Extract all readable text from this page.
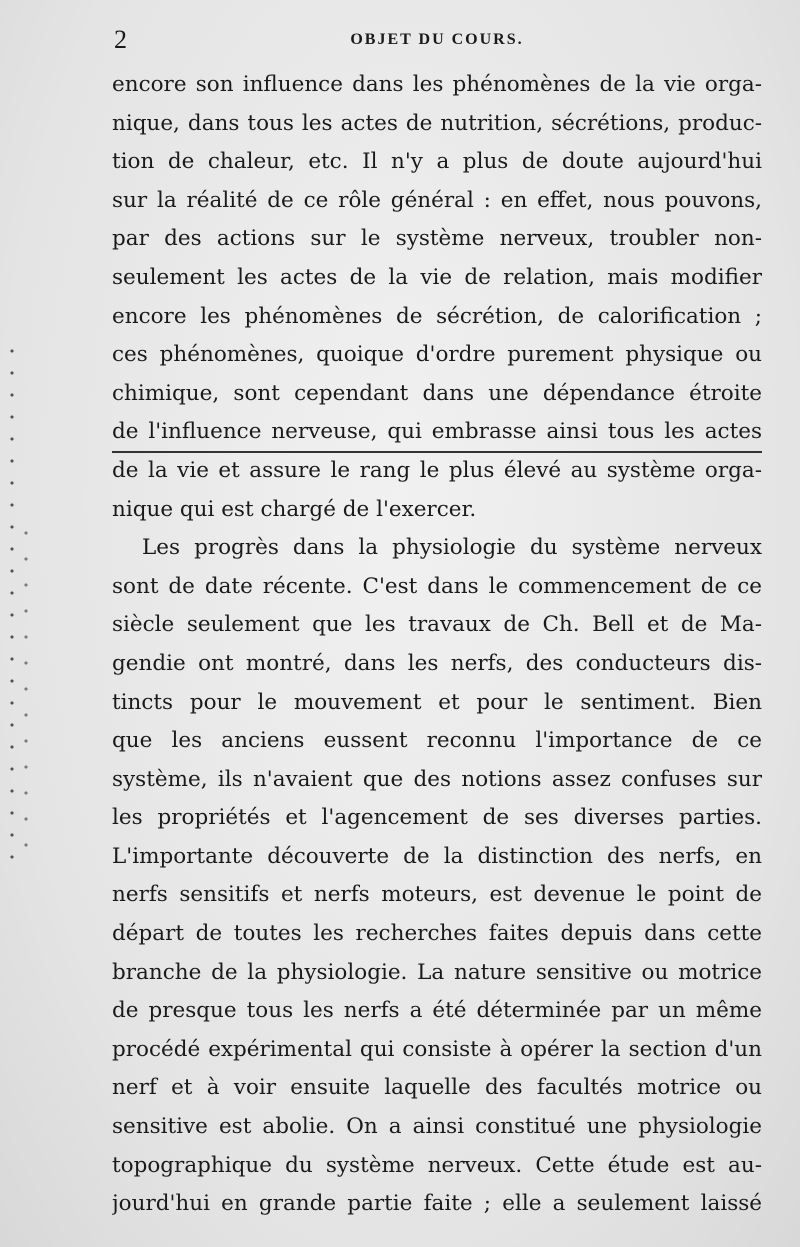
2	OBJET DU COURS.
encore son influence dans les phénomènes de la vie orga-
nique, dans tous les actes de nutrition, sécrétions, produc-
tion de chaleur, etc. Il n'y a plus de doute aujourd'hui
sur la réalité de ce rôle général : en effet, nous pouvons,
par des actions sur le système nerveux, troubler non-
seulement les actes de la vie de relation, mais modifier
encore les phénomènes de sécrétion, de calorification ;
ces phénomènes, quoique d'ordre purement physique ou
chimique, sont cependant dans une dépendance étroite
de l'influence nerveuse, qui embrasse ainsi tous les actes
de la vie et assure le rang le plus élevé au système orga-
nique qui est chargé de l'exercer.
Les progrès dans la physiologie du système nerveux
sont de date récente. C'est dans le commencement de ce
siècle seulement que les travaux de Ch. Bell et de Ma-
gendie ont montré, dans les nerfs, des conducteurs dis-
tincts pour le mouvement et pour le sentiment. Bien
que les anciens eussent reconnu l'importance de ce
système, ils n'avaient que des notions assez confuses sur
les propriétés et l'agencement de ses diverses parties.
L'importante découverte de la distinction des nerfs, en
nerfs sensitifs et nerfs moteurs, est devenue le point de
départ de toutes les recherches faites depuis dans cette
branche de la physiologie. La nature sensitive ou motrice
de presque tous les nerfs a été déterminée par un même
procédé expérimental qui consiste à opérer la section d'un
nerf et à voir ensuite laquelle des facultés motrice ou
sensitive est abolie. On a ainsi constitué une physiologie
topographique du système nerveux. Cette étude est au-
jourd'hui en grande partie faite ; elle a seulement laissé
